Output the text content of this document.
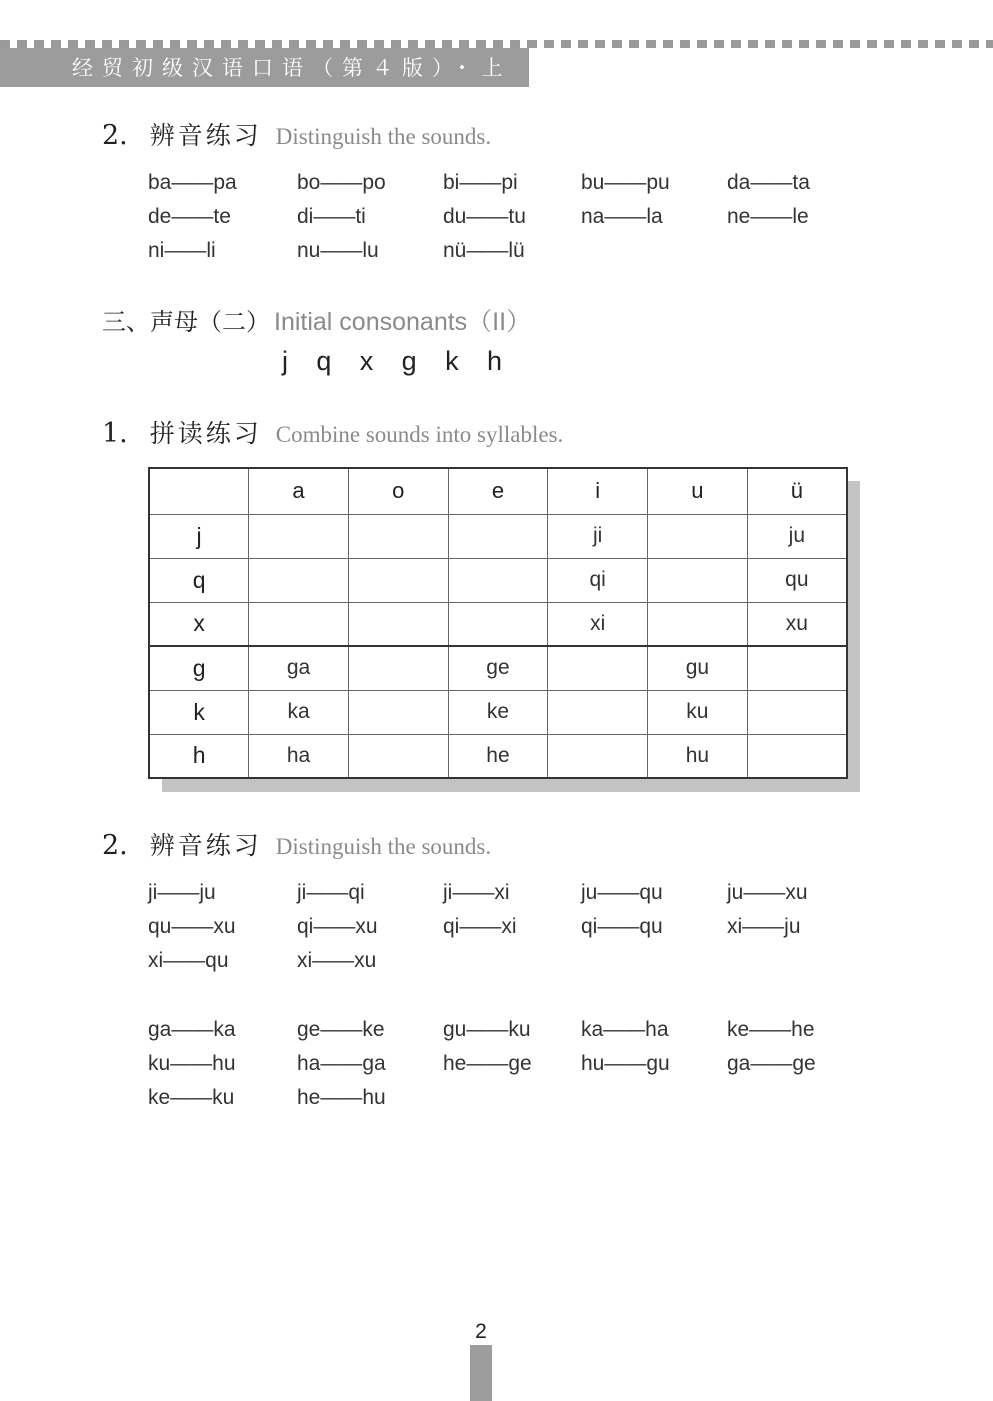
经贸初级汉语口语（第４版）・上
2. 辨音练习 Distinguish the sounds.
ba——pa	bo——po	bi——pi	bu——pu	da——ta
de——te	di——ti	du——tu	na——la	ne——le
ni——li	nu——lu	nü——lü
三、声母（二） Initial consonants（II）
j q x g k h
1. 拼读练习 Combine sounds into syllables.
	a	o	e	i	u	ü
j				ji		ju
q				qi		qu
x				xi		xu
g	ga		ge		gu	
k	ka		ke		ku	
h	ha		he		hu	
2. 辨音练习 Distinguish the sounds.
ji——ju	ji——qi	ji——xi	ju——qu	ju——xu
qu——xu	qi——xu	qi——xi	qi——qu	xi——ju
xi——qu	xi——xu
ga——ka	ge——ke	gu——ku	ka——ha	ke——he
ku——hu	ha——ga	he——ge	hu——gu	ga——ge
ke——ku	he——hu
2
